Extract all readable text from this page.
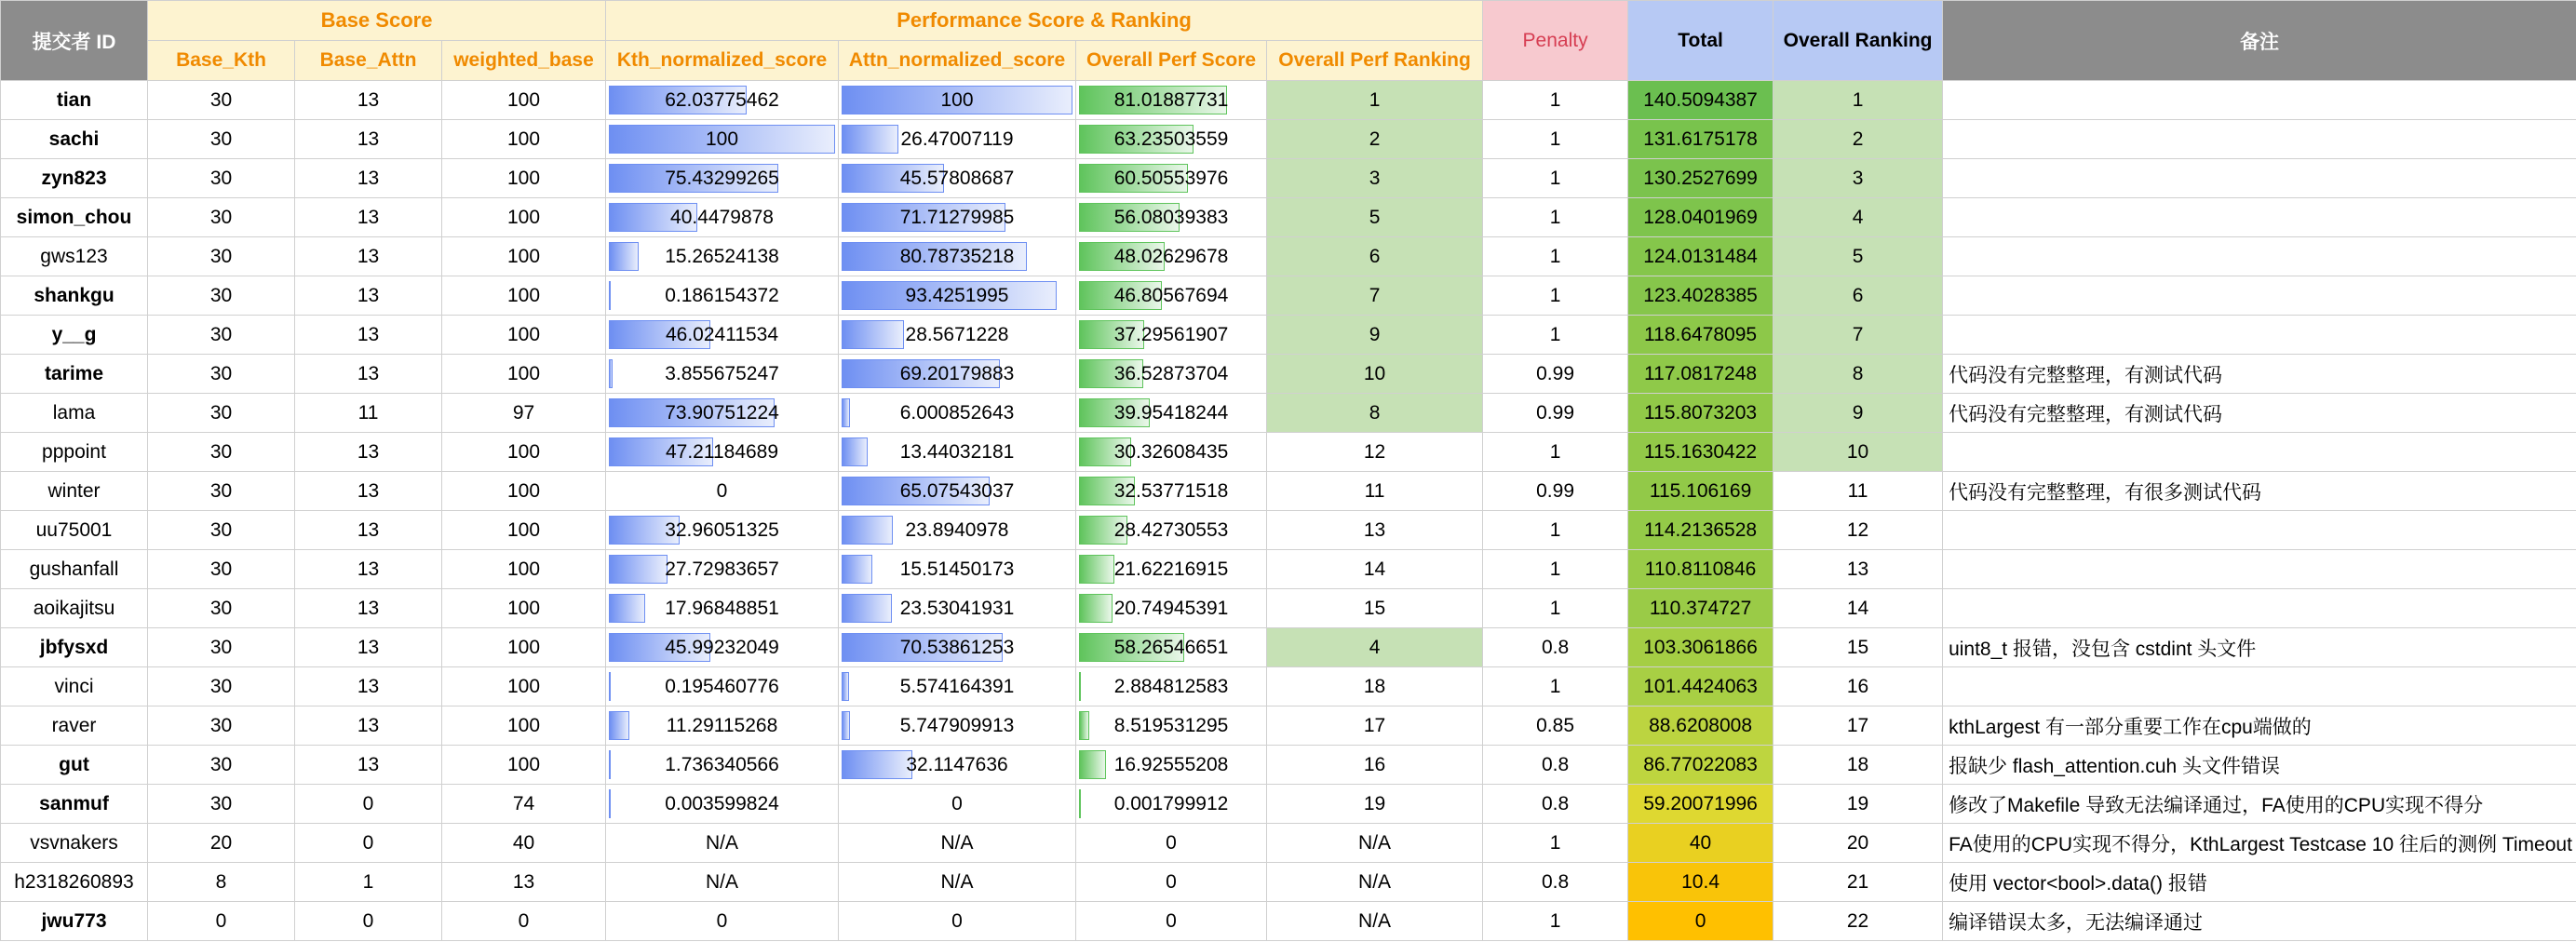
提交者 ID	Base Score			Performance Score & Ranking				Penalty	Total	Overall Ranking	备注
	Base_Kth	Base_Attn	weighted_base	Kth_normalized_score	Attn_normalized_score	Overall Perf Score	Overall Perf Ranking				
tian	30	13	100	62.03775462	100	81.01887731	1	1	140.5094387	1	
sachi	30	13	100	100	26.47007119	63.23503559	2	1	131.6175178	2	
zyn823	30	13	100	75.43299265	45.57808687	60.50553976	3	1	130.2527699	3	
simon_chou	30	13	100	40.4479878	71.71279985	56.08039383	5	1	128.0401969	4	
gws123	30	13	100	15.26524138	80.78735218	48.02629678	6	1	124.0131484	5	
shankgu	30	13	100	0.186154372	93.4251995	46.80567694	7	1	123.4028385	6	
y__g	30	13	100	46.02411534	28.5671228	37.29561907	9	1	118.6478095	7	
tarime	30	13	100	3.855675247	69.20179883	36.52873704	10	0.99	117.0817248	8	代码没有完整整理，有测试代码
lama	30	11	97	73.90751224	6.000852643	39.95418244	8	0.99	115.8073203	9	代码没有完整整理，有测试代码
pppoint	30	13	100	47.21184689	13.44032181	30.32608435	12	1	115.1630422	10	
winter	30	13	100	0	65.07543037	32.53771518	11	0.99	115.106169	11	代码没有完整整理，有很多测试代码
uu75001	30	13	100	32.96051325	23.8940978	28.42730553	13	1	114.2136528	12	
gushanfall	30	13	100	27.72983657	15.51450173	21.62216915	14	1	110.8110846	13	
aoikajitsu	30	13	100	17.96848851	23.53041931	20.74945391	15	1	110.374727	14	
jbfysxd	30	13	100	45.99232049	70.53861253	58.26546651	4	0.8	103.3061866	15	uint8_t 报错，没包含 cstdint 头文件
vinci	30	13	100	0.195460776	5.574164391	2.884812583	18	1	101.4424063	16	
raver	30	13	100	11.29115268	5.747909913	8.519531295	17	0.85	88.6208008	17	kthLargest 有一部分重要工作在cpu端做的
gut	30	13	100	1.736340566	32.1147636	16.92555208	16	0.8	86.77022083	18	报缺少 flash_attention.cuh 头文件错误
sanmuf	30	0	74	0.003599824	0	0.001799912	19	0.8	59.20071996	19	修改了Makefile 导致无法编译通过，FA使用的CPU实现不得分
vsvnakers	20	0	40	N/A	N/A	0	N/A	1	40	20	FA使用的CPU实现不得分，KthLargest Testcase 10 往后的测例 Timeout
h2318260893	8	1	13	N/A	N/A	0	N/A	0.8	10.4	21	使用 vector<bool>.data() 报错
jwu773	0	0	0	0	0	0	N/A	1	0	22	编译错误太多，无法编译通过
